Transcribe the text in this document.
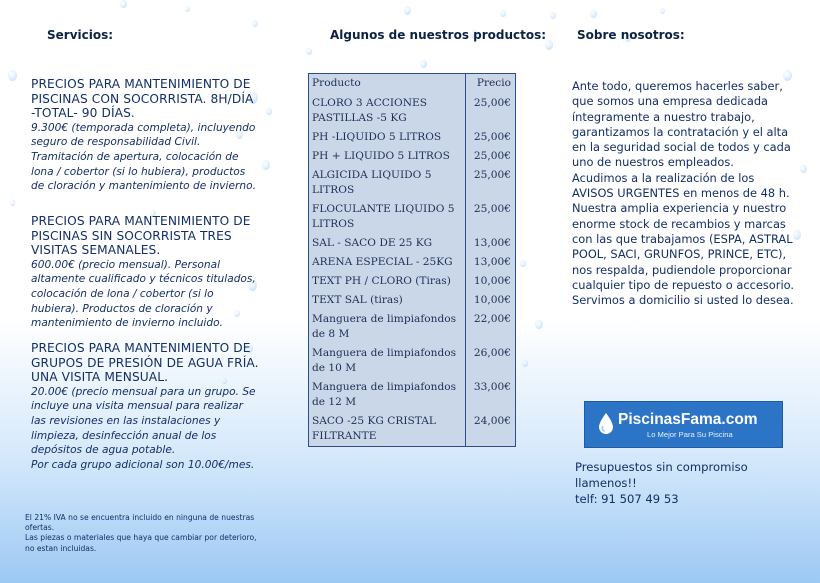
Servicios:	Algunos de nuestros productos:	Sobre nosotros:
PRECIOS PARA MANTENIMIENTO DE PISCINAS CON SOCORRISTA. 8H/DÍA -TOTAL- 90 DÍAS.
9.300€ (temporada completa), incluyendo seguro de responsabilidad Civil. Tramitación de apertura, colocación de lona / cobertor (si lo hubiera), productos de cloración y mantenimiento de invierno.
PRECIOS PARA MANTENIMIENTO DE PISCINAS SIN SOCORRISTA TRES VISITAS SEMANALES.
600.00€ (precio mensual). Personal altamente cualificado y técnicos titulados, colocación de lona / cobertor (si lo hubiera). Productos de cloración y mantenimiento de invierno incluido.
PRECIOS PARA MANTENIMIENTO DE GRUPOS DE PRESIÓN DE AGUA FRÍA. UNA VISITA MENSUAL.
20.00€ (precio mensual para un grupo. Se incluye una visita mensual para realizar las revisiones en las instalaciones y limpieza, desinfección anual de los depósitos de agua potable.
Por cada grupo adicional son 10.00€/mes.
El 21% IVA no se encuentra incluido en ninguna de nuestras ofertas.
Las piezas o materiales que haya que cambiar por deterioro, no estan incluidas.
Producto	Precio
CLORO 3 ACCIONES PASTILLAS -5 KG	25,00€
PH -LIQUIDO 5 LITROS	25,00€
PH + LIQUIDO 5 LITROS	25,00€
ALGICIDA LIQUIDO 5 LITROS	25,00€
FLOCULANTE LIQUIDO 5 LITROS	25,00€
SAL - SACO DE 25 KG	13,00€
ARENA ESPECIAL - 25KG	13,00€
TEXT PH / CLORO (Tiras)	10,00€
TEXT SAL (tiras)	10,00€
Manguera de limpiafondos de 8 M	22,00€
Manguera de limpiafondos de 10 M	26,00€
Manguera de limpiafondos de 12 M	33,00€
SACO -25 KG CRISTAL FILTRANTE	24,00€
Ante todo, queremos hacerles saber, que somos una empresa dedicada íntegramente a nuestro trabajo, garantizamos la contratación y el alta en la seguridad social de todos y cada uno de nuestros empleados.
Acudimos a la realización de los AVISOS URGENTES en menos de 48 h.
Nuestra amplia experiencia y nuestro enorme stock de recambios y marcas con las que trabajamos (ESPA, ASTRAL POOL, SACI, GRUNFOS, PRINCE, ETC), nos respalda, pudiendole proporcionar cualquier tipo de repuesto o accesorio.
Servimos a domicilio si usted lo desea.
PiscinasFama.com
Lo Mejor Para Su Piscina
Presupuestos sin compromiso llamenos!!
telf: 91 507 49 53
